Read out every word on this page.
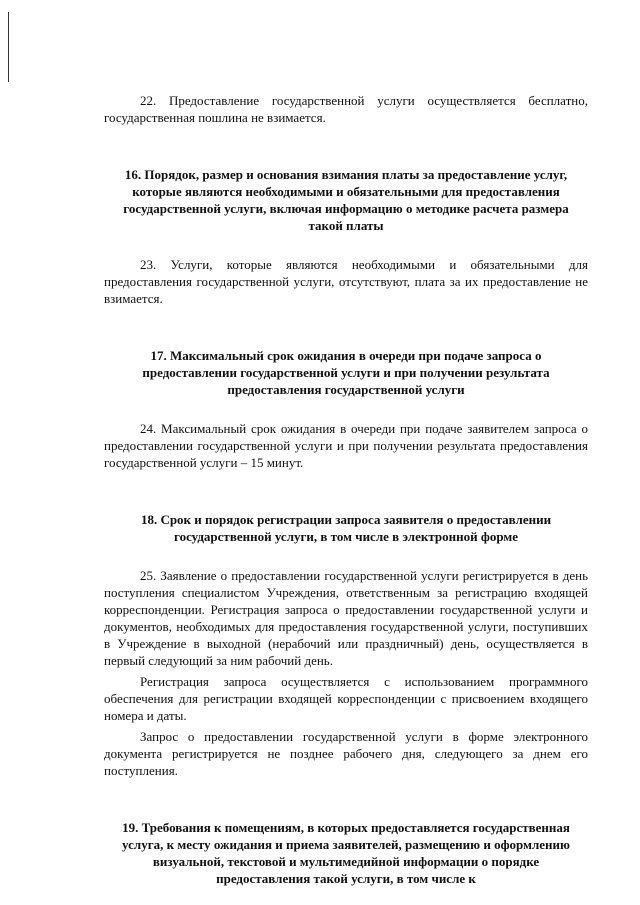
22. Предоставление государственной услуги осуществляется бесплатно, государственная пошлина не взимается.

16. Порядок, размер и основания взимания платы за предоставление услуг, которые являются необходимыми и обязательными для предоставления государственной услуги, включая информацию о методике расчета размера такой платы

23. Услуги, которые являются необходимыми и обязательными для предоставления государственной услуги, отсутствуют, плата за их предоставление не взимается.

17. Максимальный срок ожидания в очереди при подаче запроса о предоставлении государственной услуги и при получении результата предоставления государственной услуги

24. Максимальный срок ожидания в очереди при подаче заявителем запроса о предоставлении государственной услуги и при получении результата предоставления государственной услуги – 15 минут.

18. Срок и порядок регистрации запроса заявителя о предоставлении государственной услуги, в том числе в электронной форме

25. Заявление о предоставлении государственной услуги регистрируется в день поступления специалистом Учреждения, ответственным за регистрацию входящей корреспонденции. Регистрация запроса о предоставлении государственной услуги и документов, необходимых для предоставления государственной услуги, поступивших в Учреждение в выходной (нерабочий или праздничный) день, осуществляется в первый следующий за ним рабочий день.

Регистрация запроса осуществляется с использованием программного обеспечения для регистрации входящей корреспонденции с присвоением входящего номера и даты.

Запрос о предоставлении государственной услуги в форме электронного документа регистрируется не позднее рабочего дня, следующего за днем его поступления.

19. Требования к помещениям, в которых предоставляется государственная услуга, к месту ожидания и приема заявителей, размещению и оформлению визуальной, текстовой и мультимедийной информации о порядке предоставления такой услуги, в том числе к
